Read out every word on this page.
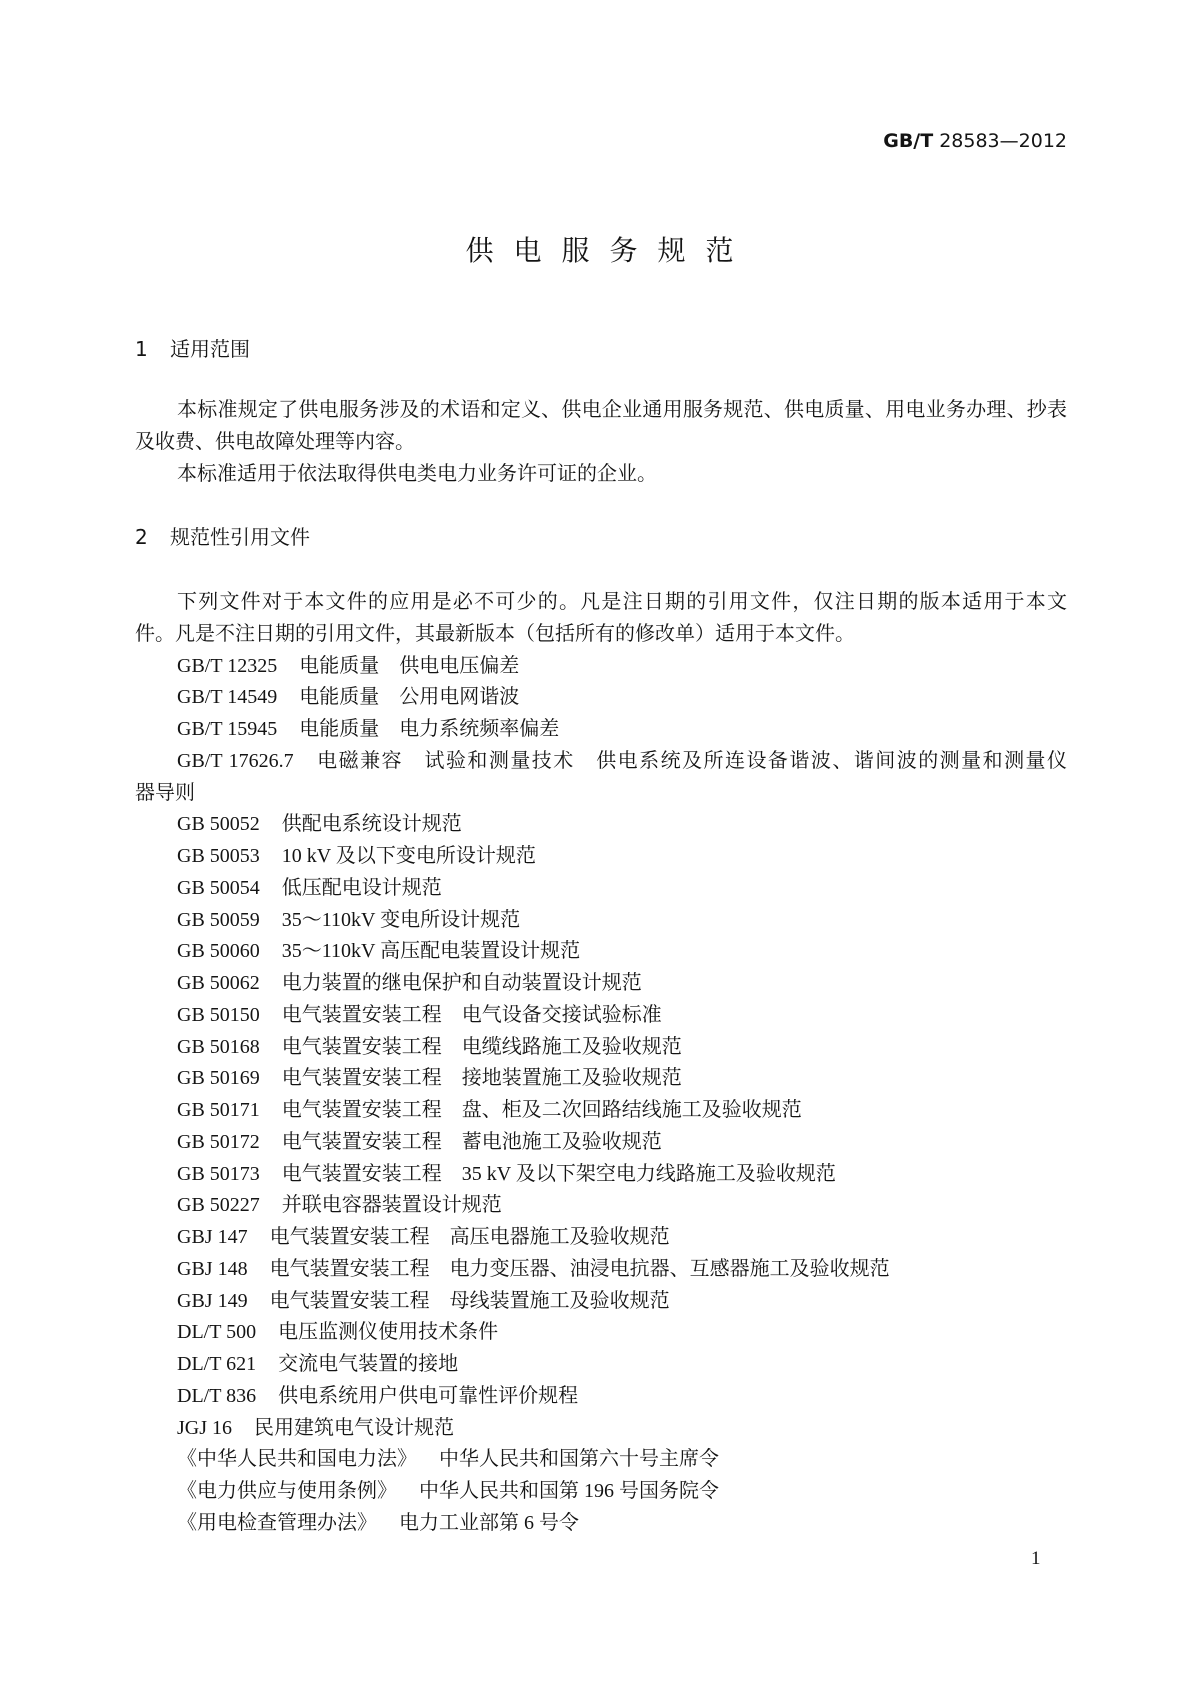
GB/T 28583—2012
供电服务规范
1 适用范围
本标准规定了供电服务涉及的术语和定义、供电企业通用服务规范、供电质量、用电业务办理、抄表
及收费、供电故障处理等内容。
本标准适用于依法取得供电类电力业务许可证的企业。
2 规范性引用文件
下列文件对于本文件的应用是必不可少的。凡是注日期的引用文件，仅注日期的版本适用于本文
件。凡是不注日期的引用文件，其最新版本（包括所有的修改单）适用于本文件。
GB/T 12325 电能质量　供电电压偏差
GB/T 14549 电能质量　公用电网谐波
GB/T 15945 电能质量　电力系统频率偏差
GB/T 17626.7 电磁兼容　试验和测量技术　供电系统及所连设备谐波、谐间波的测量和测量仪
器导则
GB 50052 供配电系统设计规范
GB 50053 10 kV 及以下变电所设计规范
GB 50054 低压配电设计规范
GB 50059 35～110kV 变电所设计规范
GB 50060 35～110kV 高压配电装置设计规范
GB 50062 电力装置的继电保护和自动装置设计规范
GB 50150 电气装置安装工程　电气设备交接试验标准
GB 50168 电气装置安装工程　电缆线路施工及验收规范
GB 50169 电气装置安装工程　接地装置施工及验收规范
GB 50171 电气装置安装工程　盘、柜及二次回路结线施工及验收规范
GB 50172 电气装置安装工程　蓄电池施工及验收规范
GB 50173 电气装置安装工程　35 kV 及以下架空电力线路施工及验收规范
GB 50227 并联电容器装置设计规范
GBJ 147 电气装置安装工程　高压电器施工及验收规范
GBJ 148 电气装置安装工程　电力变压器、油浸电抗器、互感器施工及验收规范
GBJ 149 电气装置安装工程　母线装置施工及验收规范
DL/T 500 电压监测仪使用技术条件
DL/T 621 交流电气装置的接地
DL/T 836 供电系统用户供电可靠性评价规程
JGJ 16 民用建筑电气设计规范
《中华人民共和国电力法》 中华人民共和国第六十号主席令
《电力供应与使用条例》 中华人民共和国第 196 号国务院令
《用电检查管理办法》 电力工业部第 6 号令
1
